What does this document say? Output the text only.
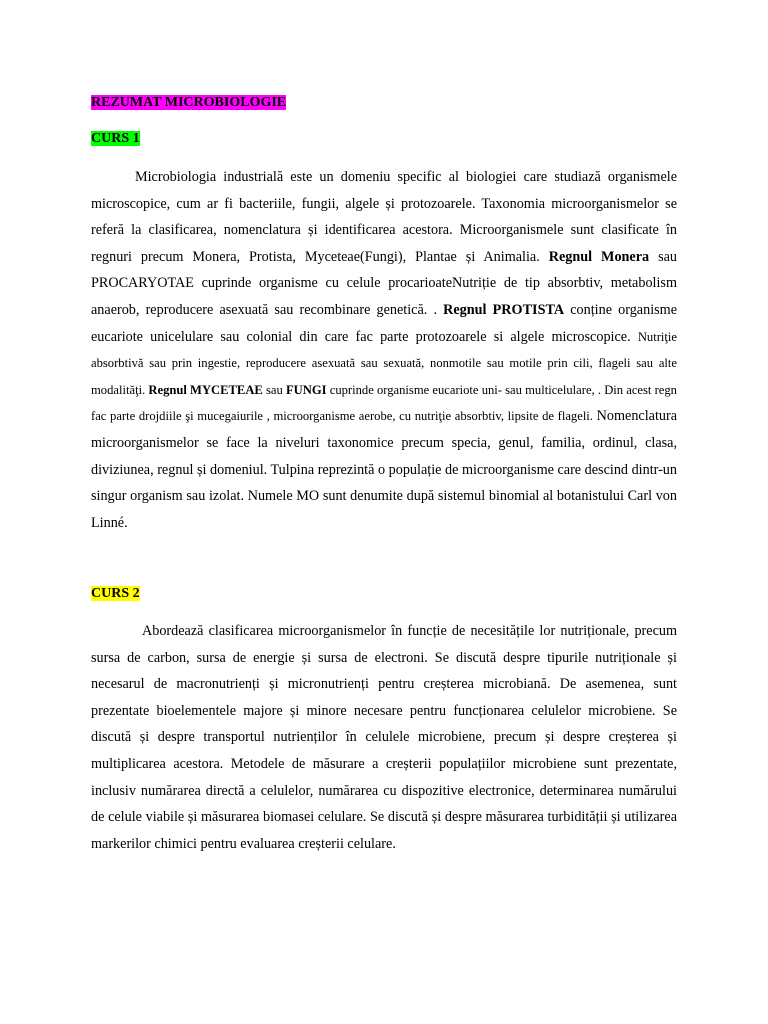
REZUMAT MICROBIOLOGIE
CURS 1
Microbiologia industrială este un domeniu specific al biologiei care studiază organismele microscopice, cum ar fi bacteriile, fungii, algele și protozoarele. Taxonomia microorganismelor se referă la clasificarea, nomenclatura și identificarea acestora. Microorganismele sunt clasificate în regnuri precum Monera, Protista, Myceteae(Fungi), Plantae și Animalia. Regnul Monera sau PROCARYOTAE cuprinde organisme cu celule procarioateNutriție de tip absorbtiv, metabolism anaerob, reproducere asexuată sau recombinare genetică. . Regnul PROTISTA conține organisme eucariote unicelulare sau colonial din care fac parte protozoarele si algele microscopice. Nutriţie absorbtivă sau prin ingestie, reproducere asexuată sau sexuată, nonmotile sau motile prin cili, flageli sau alte modalităţi. Regnul MYCETEAE sau FUNGI cuprinde organisme eucariote uni- sau multicelulare, . Din acest regn fac parte drojdiile şi mucegaiurile , microorganisme aerobe, cu nutriţie absorbtiv, lipsite de flageli. Nomenclatura microorganismelor se face la niveluri taxonomice precum specia, genul, familia, ordinul, clasa, diviziunea, regnul și domeniul. Tulpina reprezintă o populație de microorganisme care descind dintr-un singur organism sau izolat. Numele MO sunt denumite după sistemul binomial al botanistului Carl von Linné.
CURS 2
Abordează clasificarea microorganismelor în funcție de necesitățile lor nutriționale, precum sursa de carbon, sursa de energie și sursa de electroni. Se discută despre tipurile nutriționale și necesarul de macronutrienți și micronutrienți pentru creșterea microbiană. De asemenea, sunt prezentate bioelementele majore și minore necesare pentru funcționarea celulelor microbiene. Se discută și despre transportul nutrienților în celulele microbiene, precum și despre creșterea și multiplicarea acestora. Metodele de măsurare a creșterii populațiilor microbiene sunt prezentate, inclusiv numărarea directă a celulelor, numărarea cu dispozitive electronice, determinarea numărului de celule viabile și măsurarea biomasei celulare. Se discută și despre măsurarea turbidității și utilizarea markerilor chimici pentru evaluarea creșterii celulare.
